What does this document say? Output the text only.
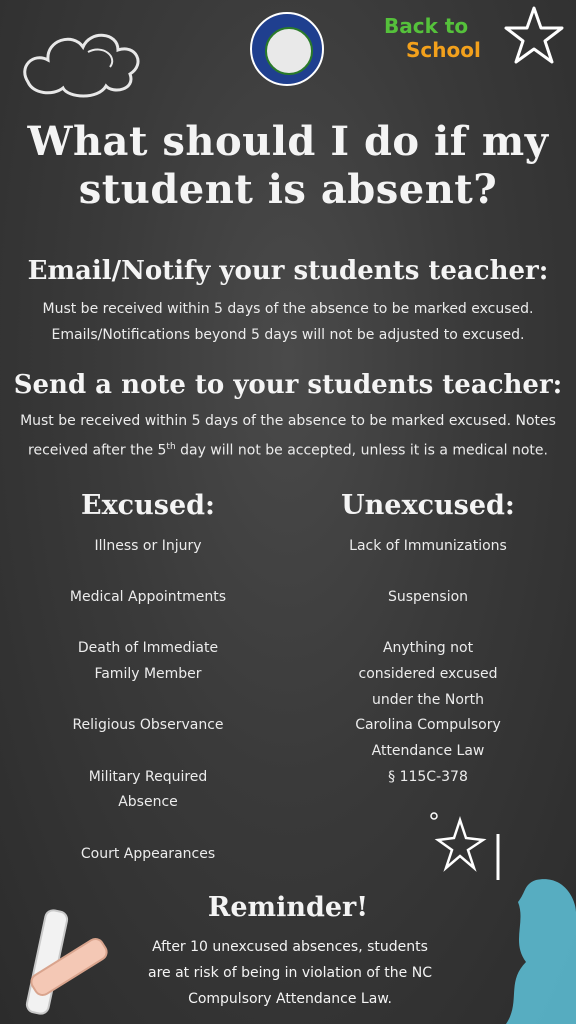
Back to
School
What should I do if my
student is absent?
Email/Notify your students teacher:
Must be received within 5 days of the absence to be marked excused.
Emails/Notifications beyond 5 days will not be adjusted to excused.
Send a note to your students teacher:
Must be received within 5 days of the absence to be marked excused. Notes
received after the 5th day will not be accepted, unless it is a medical note.
Excused:
Illness or Injury
Medical Appointments
Death of Immediate
Family Member
Religious Observance
Military Required
Absence
Court Appearances
Unexcused:
Lack of Immunizations
Suspension
Anything not
considered excused
under the North
Carolina Compulsory
Attendance Law
§ 115C-378
Reminder!
After 10 unexcused absences, students
are at risk of being in violation of the NC
Compulsory Attendance Law.
